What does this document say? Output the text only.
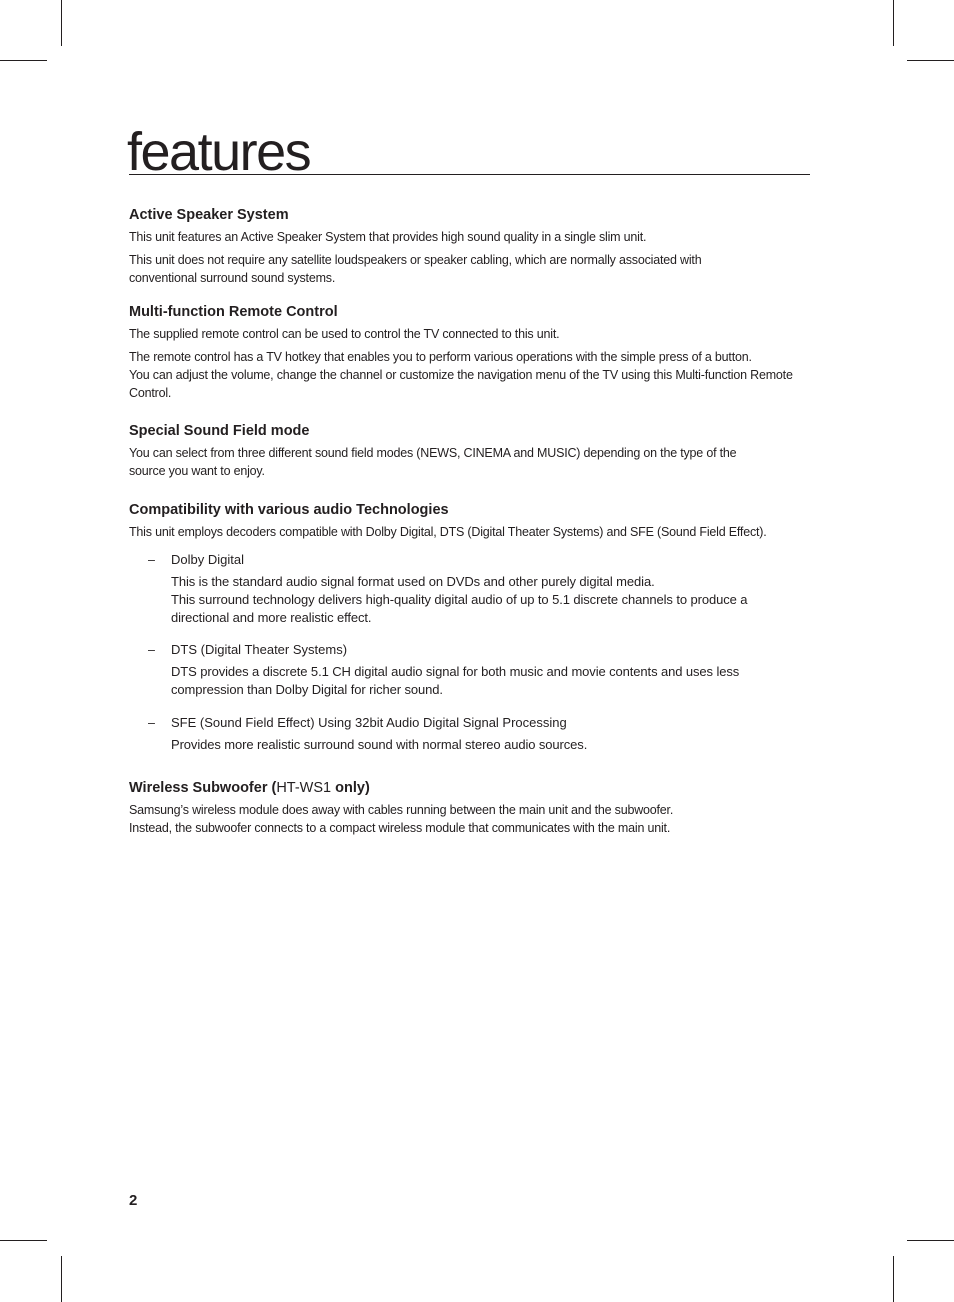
features
Active Speaker System

This unit features an Active Speaker System that provides high sound quality in a single slim unit.

This unit does not require any satellite loudspeakers or speaker cabling, which are normally associated with

conventional surround sound systems.

Multi-function Remote Control

The supplied remote control can be used to control the TV connected to this unit.

The remote control has a TV hotkey that enables you to perform various operations with the simple press of a button.

You can adjust the volume, change the channel or customize the navigation menu of the TV using this Multi-function Remote

Control.

Special Sound Field mode

You can select from three different sound field modes (NEWS, CINEMA and MUSIC) depending on the type of the

source you want to enjoy.

Compatibility with various audio Technologies

This unit employs decoders compatible with Dolby Digital, DTS (Digital Theater Systems) and SFE (Sound Field Effect).

– Dolby Digital

This is the standard audio signal format used on DVDs and other purely digital media.

This surround technology delivers high-quality digital audio of up to 5.1 discrete channels to produce a

directional and more realistic effect.

– DTS (Digital Theater Systems)

DTS provides a discrete 5.1 CH digital audio signal for both music and movie contents and uses less

compression than Dolby Digital for richer sound.

– SFE (Sound Field Effect) Using 32bit Audio Digital Signal Processing

Provides more realistic surround sound with normal stereo audio sources.

Wireless Subwoofer (HT-WS1 only)

Samsung’s wireless module does away with cables running between the main unit and the subwoofer.

Instead, the subwoofer connects to a compact wireless module that communicates with the main unit.

2
